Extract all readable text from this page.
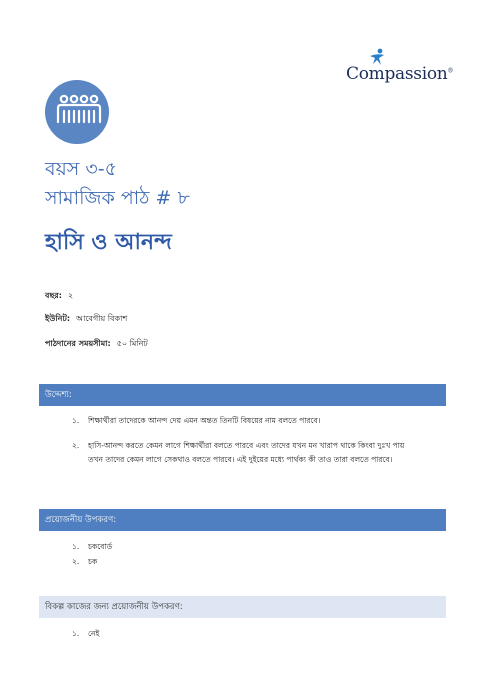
Compassion®
বয়স ৩-৫
সামাজিক পাঠ # ৮
হাসি ও আনন্দ
বছর: ২
ইউনিট: আবেগীয় বিকাশ
পাঠদানের সময়সীমা: ৫০ মিনিট
উদ্দেশ্য:
১. শিক্ষার্থীরা তাদেরকে আনন্দ দেয় এমন অন্তত তিনটি বিষয়ের নাম বলতে পারবে।
২. হাসি-আনন্দ করতে কেমন লাগে শিক্ষার্থীরা বলতে পারবে এবং তাদের যখন মন খারাপ থাকে কিংবা দুঃখ পায়
তখন তাদের কেমন লাগে সেকথাও বলতে পারবে। এই দুইয়ের মধ্যে পার্থক্য কী তাও তারা বলতে পারবে।
প্রয়োজনীয় উপকরণ:
১. চকবোর্ড
২. চক
বিকল্প কাজের জন্য প্রয়োজনীয় উপকরণ:
১. নেই
